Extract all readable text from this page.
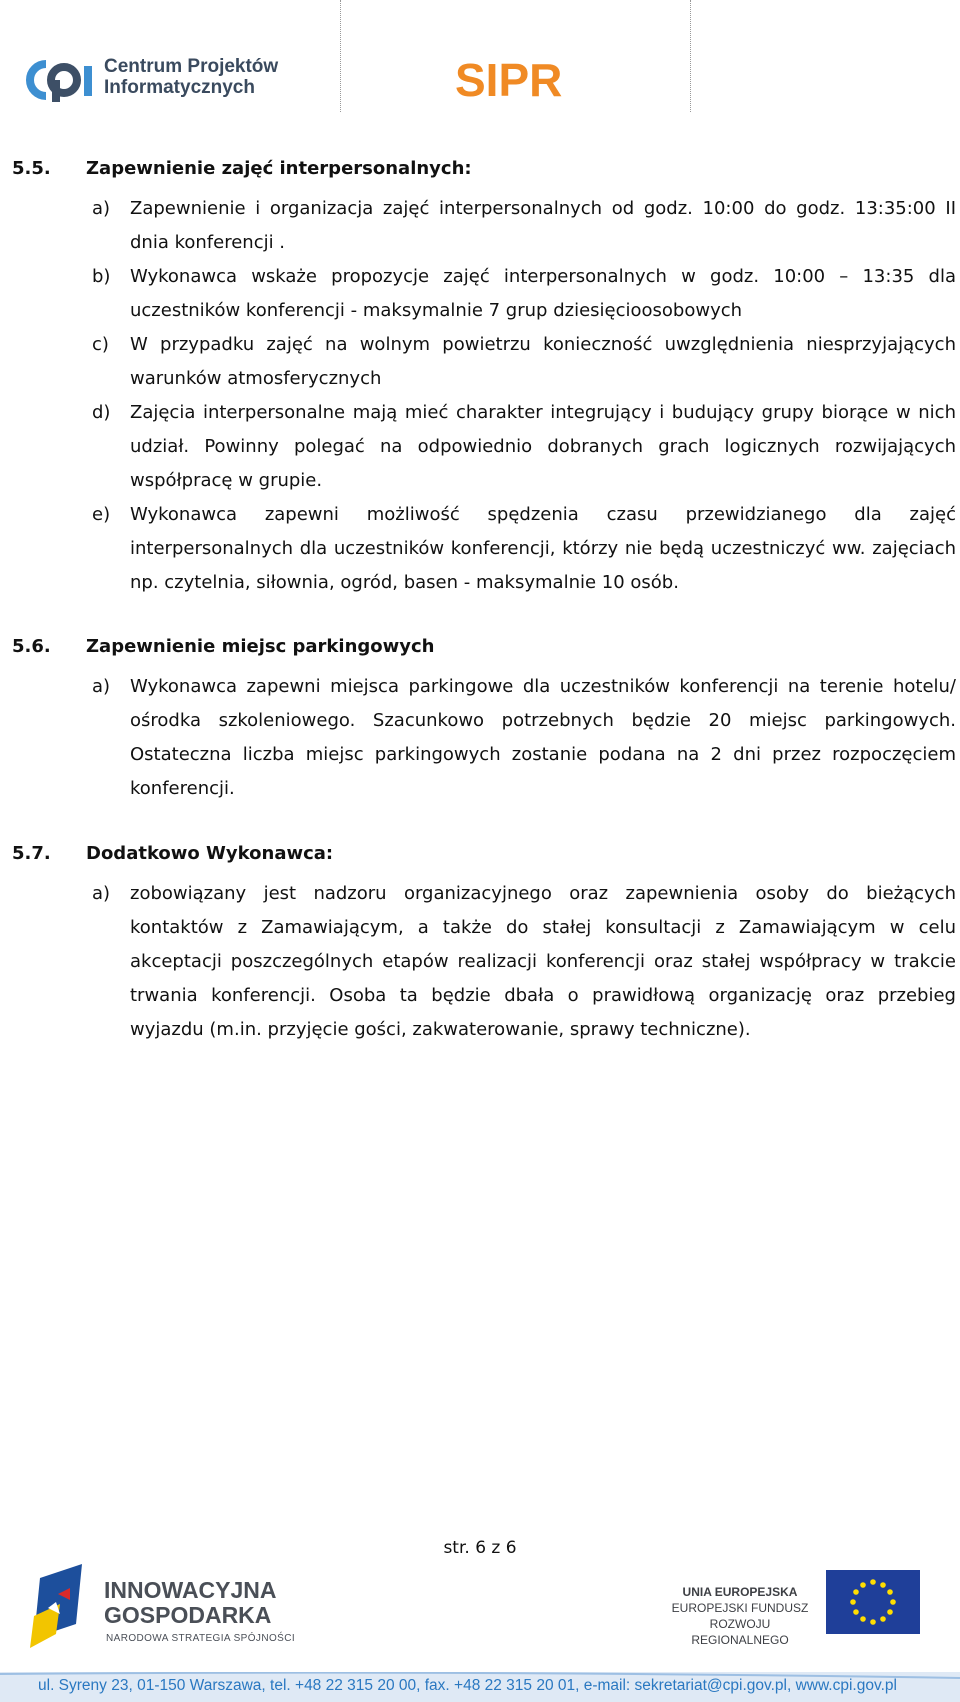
Centrum Projektów
Informatycznych	SIPR
5.5.	Zapewnienie zajęć interpersonalnych:
a) Zapewnienie i organizacja zajęć interpersonalnych od godz. 10:00 do godz. 13:35:00 II dnia konferencji .
b) Wykonawca wskaże propozycje zajęć interpersonalnych w godz. 10:00 – 13:35 dla uczestników konferencji - maksymalnie 7 grup dziesięcioosobowych
c) W przypadku zajęć na wolnym powietrzu konieczność uwzględnienia niesprzyjających warunków atmosferycznych
d) Zajęcia interpersonalne mają mieć charakter integrujący i budujący grupy biorące w nich udział. Powinny polegać na odpowiednio dobranych grach logicznych rozwijających współpracę w grupie.
e) Wykonawca zapewni możliwość spędzenia czasu przewidzianego dla zajęć interpersonalnych dla uczestników konferencji, którzy nie będą uczestniczyć ww. zajęciach np. czytelnia, siłownia, ogród, basen - maksymalnie 10 osób.
5.6.	Zapewnienie miejsc parkingowych
a) Wykonawca zapewni miejsca parkingowe dla uczestników konferencji na terenie hotelu/ ośrodka szkoleniowego. Szacunkowo potrzebnych będzie 20 miejsc parkingowych. Ostateczna liczba miejsc parkingowych zostanie podana na 2 dni przez rozpoczęciem konferencji.
5.7.	Dodatkowo Wykonawca:
a) zobowiązany jest nadzoru organizacyjnego oraz zapewnienia osoby do bieżących kontaktów z Zamawiającym, a także do stałej konsultacji z Zamawiającym w celu akceptacji poszczególnych etapów realizacji konferencji oraz stałej współpracy w trakcie trwania konferencji. Osoba ta będzie dbała o prawidłową organizację oraz przebieg wyjazdu (m.in. przyjęcie gości, zakwaterowanie, sprawy techniczne).
str. 6 z 6
INNOWACYJNA
GOSPODARKA
NARODOWA STRATEGIA SPÓJNOŚCI
UNIA EUROPEJSKA
EUROPEJSKI FUNDUSZ
ROZWOJU REGIONALNEGO
ul. Syreny 23, 01-150 Warszawa, tel. +48 22 315 20 00, fax. +48 22 315 20 01, e-mail: sekretariat@cpi.gov.pl, www.cpi.gov.pl
